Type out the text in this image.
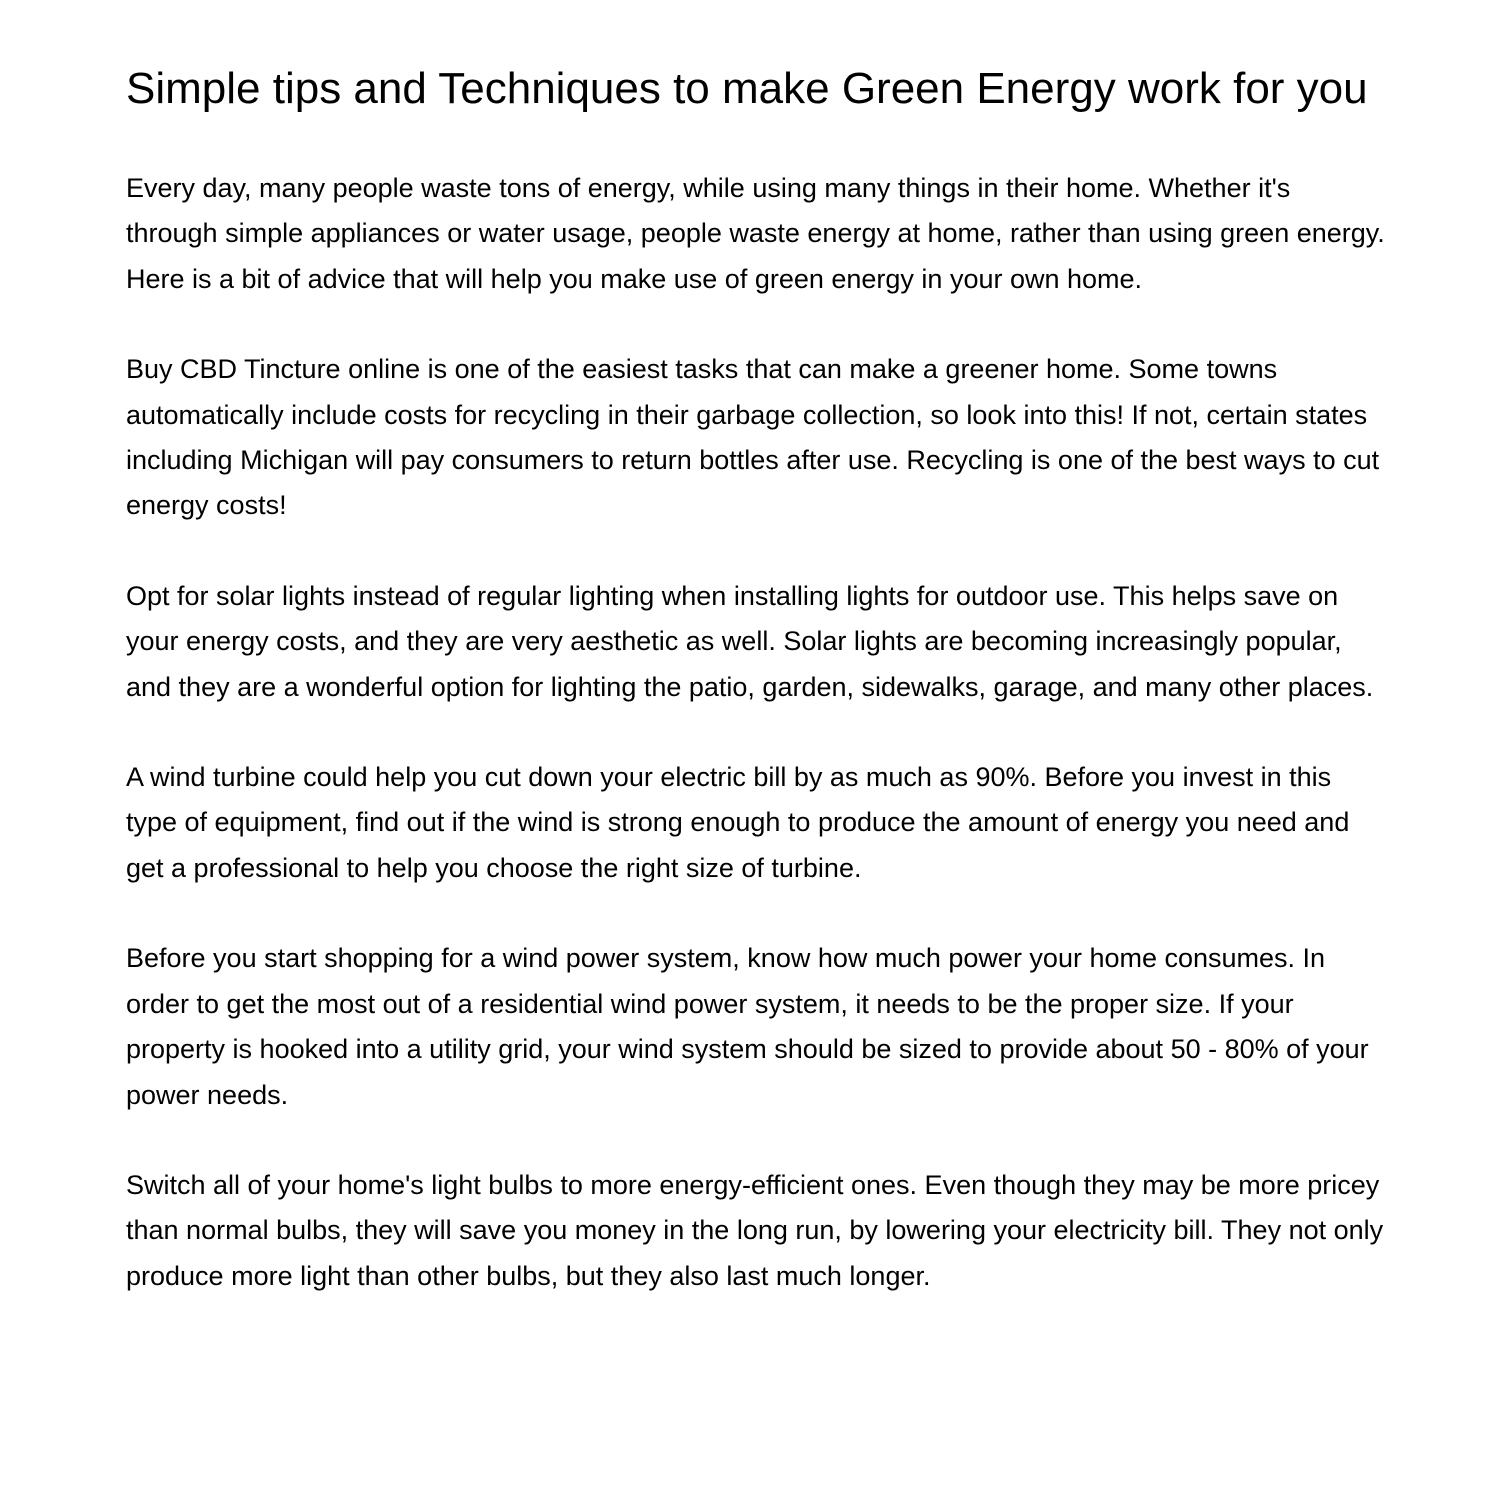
Simple tips and Techniques to make Green Energy work for you

Every day, many people waste tons of energy, while using many things in their home. Whether it's through simple appliances or water usage, people waste energy at home, rather than using green energy. Here is a bit of advice that will help you make use of green energy in your own home.

Buy CBD Tincture online is one of the easiest tasks that can make a greener home. Some towns automatically include costs for recycling in their garbage collection, so look into this! If not, certain states including Michigan will pay consumers to return bottles after use. Recycling is one of the best ways to cut energy costs!

Opt for solar lights instead of regular lighting when installing lights for outdoor use. This helps save on your energy costs, and they are very aesthetic as well. Solar lights are becoming increasingly popular, and they are a wonderful option for lighting the patio, garden, sidewalks, garage, and many other places.

A wind turbine could help you cut down your electric bill by as much as 90%. Before you invest in this type of equipment, find out if the wind is strong enough to produce the amount of energy you need and get a professional to help you choose the right size of turbine.

Before you start shopping for a wind power system, know how much power your home consumes. In order to get the most out of a residential wind power system, it needs to be the proper size. If your property is hooked into a utility grid, your wind system should be sized to provide about 50 - 80% of your power needs.

Switch all of your home's light bulbs to more energy-efficient ones. Even though they may be more pricey than normal bulbs, they will save you money in the long run, by lowering your electricity bill. They not only produce more light than other bulbs, but they also last much longer.
